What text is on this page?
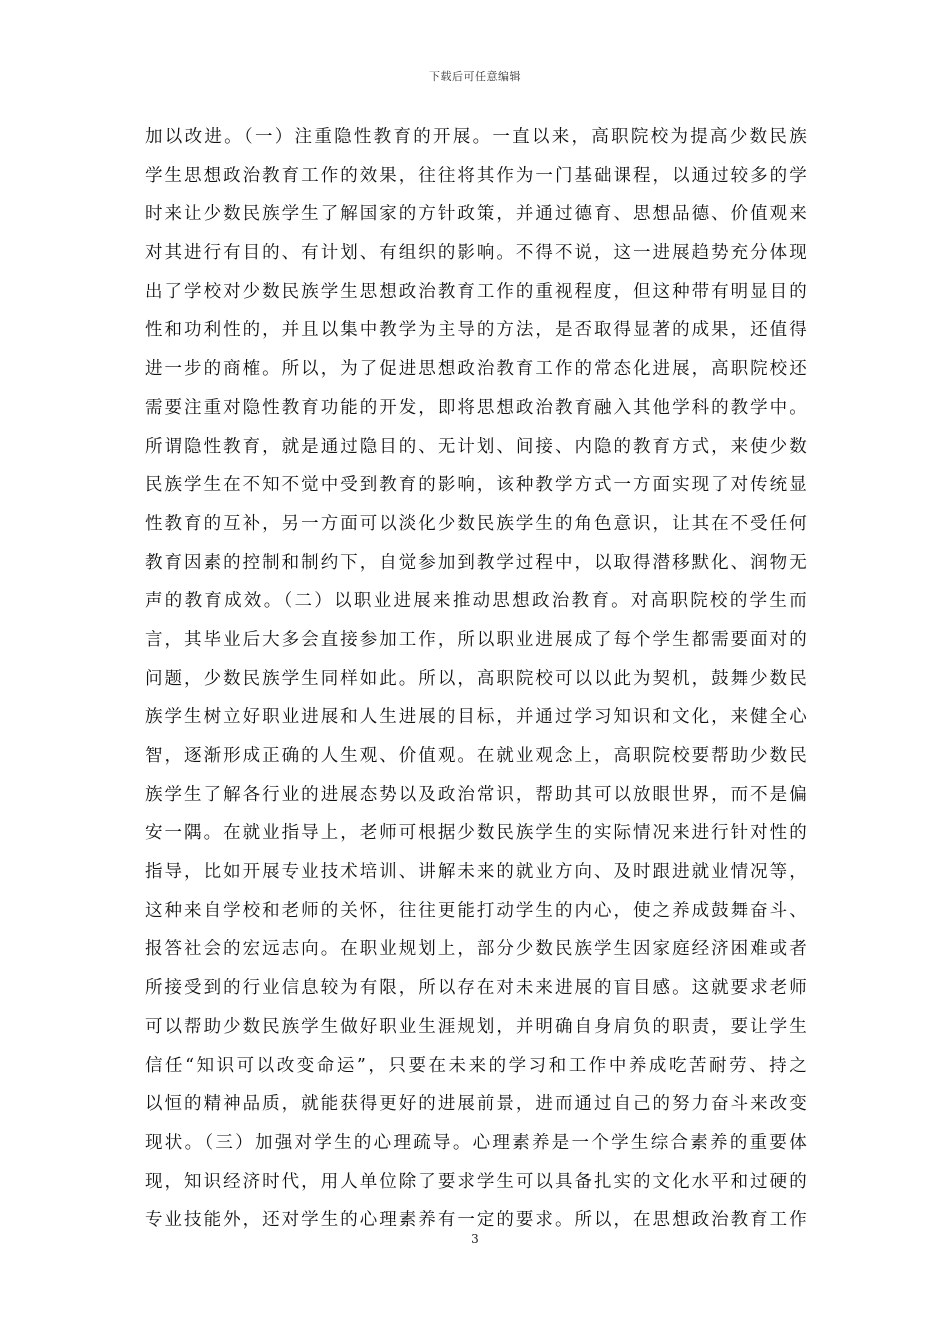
下载后可任意编辑
加以改进。（一）注重隐性教育的开展。一直以来，高职院校为提高少数民族
学生思想政治教育工作的效果，往往将其作为一门基础课程，以通过较多的学
时来让少数民族学生了解国家的方针政策，并通过德育、思想品德、价值观来
对其进行有目的、有计划、有组织的影响。不得不说，这一进展趋势充分体现
出了学校对少数民族学生思想政治教育工作的重视程度，但这种带有明显目的
性和功利性的，并且以集中教学为主导的方法，是否取得显著的成果，还值得
进一步的商榷。所以，为了促进思想政治教育工作的常态化进展，高职院校还
需要注重对隐性教育功能的开发，即将思想政治教育融入其他学科的教学中。
所谓隐性教育，就是通过隐目的、无计划、间接、内隐的教育方式，来使少数
民族学生在不知不觉中受到教育的影响，该种教学方式一方面实现了对传统显
性教育的互补，另一方面可以淡化少数民族学生的角色意识，让其在不受任何
教育因素的控制和制约下，自觉参加到教学过程中，以取得潜移默化、润物无
声的教育成效。（二）以职业进展来推动思想政治教育。对高职院校的学生而
言，其毕业后大多会直接参加工作，所以职业进展成了每个学生都需要面对的
问题，少数民族学生同样如此。所以，高职院校可以以此为契机，鼓舞少数民
族学生树立好职业进展和人生进展的目标，并通过学习知识和文化，来健全心
智，逐渐形成正确的人生观、价值观。在就业观念上，高职院校要帮助少数民
族学生了解各行业的进展态势以及政治常识，帮助其可以放眼世界，而不是偏
安一隅。在就业指导上，老师可根据少数民族学生的实际情况来进行针对性的
指导，比如开展专业技术培训、讲解未来的就业方向、及时跟进就业情况等，
这种来自学校和老师的关怀，往往更能打动学生的内心，使之养成鼓舞奋斗、
报答社会的宏远志向。在职业规划上，部分少数民族学生因家庭经济困难或者
所接受到的行业信息较为有限，所以存在对未来进展的盲目感。这就要求老师
可以帮助少数民族学生做好职业生涯规划，并明确自身肩负的职责，要让学生
信任“知识可以改变命运”，只要在未来的学习和工作中养成吃苦耐劳、持之
以恒的精神品质，就能获得更好的进展前景，进而通过自己的努力奋斗来改变
现状。（三）加强对学生的心理疏导。心理素养是一个学生综合素养的重要体
现，知识经济时代，用人单位除了要求学生可以具备扎实的文化水平和过硬的
专业技能外，还对学生的心理素养有一定的要求。所以，在思想政治教育工作
3
